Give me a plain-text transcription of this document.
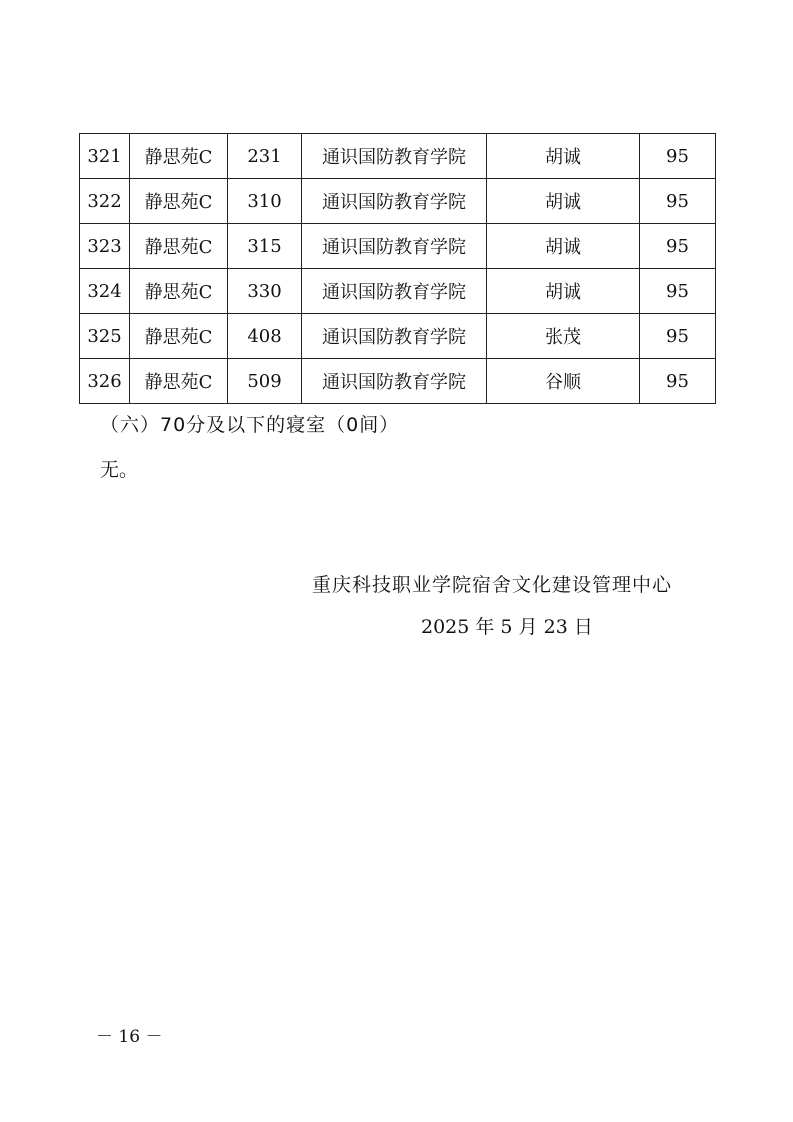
321	静思苑C	231	通识国防教育学院	胡诚	95
322	静思苑C	310	通识国防教育学院	胡诚	95
323	静思苑C	315	通识国防教育学院	胡诚	95
324	静思苑C	330	通识国防教育学院	胡诚	95
325	静思苑C	408	通识国防教育学院	张茂	95
326	静思苑C	509	通识国防教育学院	谷顺	95
（六）70分及以下的寝室（0间）
无。
重庆科技职业学院宿舍文化建设管理中心
2025 年 5 月 23 日
－ 16 －
